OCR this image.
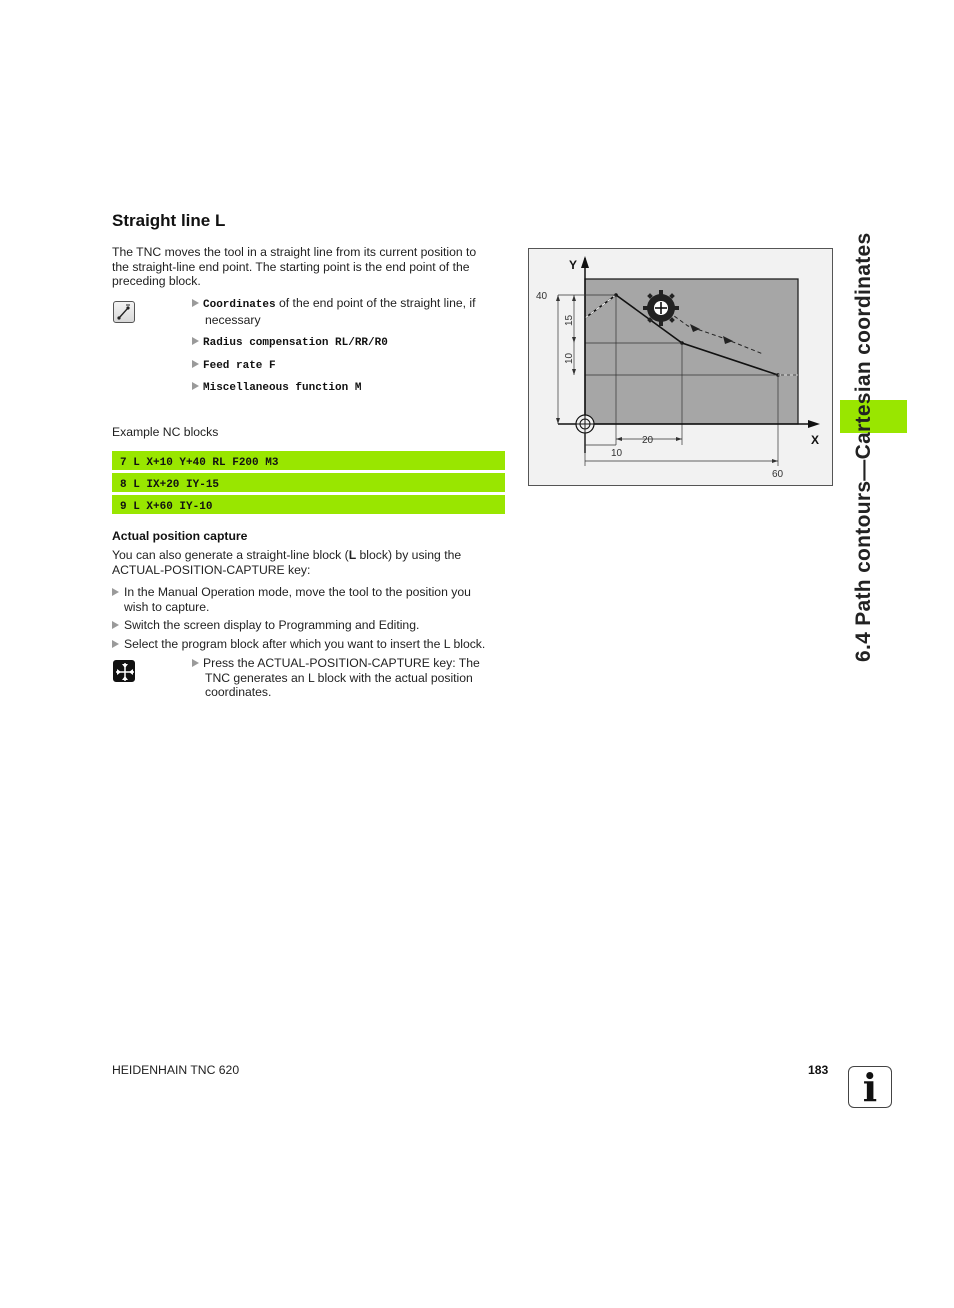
Straight line L
The TNC moves the tool in a straight line from its current position to
the straight-line end point. The starting point is the end point of the
preceding block.
Coordinates of the end point of the straight line, if
necessary
Radius compensation RL/RR/R0
Feed rate F
Miscellaneous function M
Example NC blocks
7 L X+10 Y+40 RL F200 M3
8 L IX+20 IY-15
9 L X+60 IY-10
Actual position capture
You can also generate a straight-line block (L block) by using the
ACTUAL-POSITION-CAPTURE key:
In the Manual Operation mode, move the tool to the position you
wish to capture.
Switch the screen display to Programming and Editing.
Select the program block after which you want to insert the L block.
Press the ACTUAL-POSITION-CAPTURE key: The
TNC generates an L block with the actual position
coordinates.
Y
X
40
15
10
20
10
60	6.4 Path contours—Cartesian coordinates
HEIDENHAIN TNC 620	183 i
